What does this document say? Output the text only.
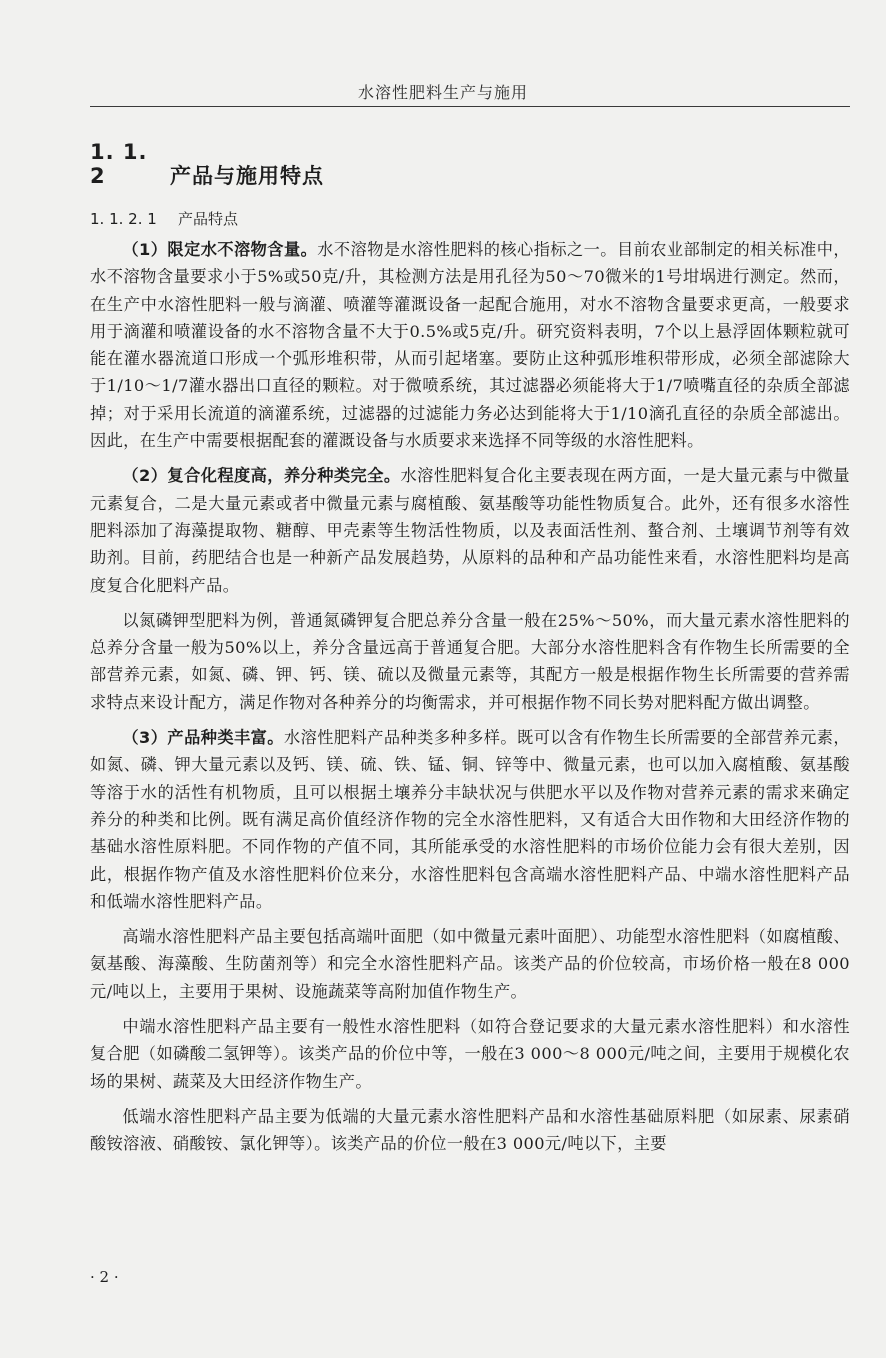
水溶性肥料生产与施用
1. 1. 2	产品与施用特点
1. 1. 2. 1 产品特点

（1）限定水不溶物含量。水不溶物是水溶性肥料的核心指标之一。目前农业部制定的相关标准中，水不溶物含量要求小于5%或50克/升，其检测方法是用孔径为50～70微米的1号坩埚进行测定。然而，在生产中水溶性肥料一般与滴灌、喷灌等灌溉设备一起配合施用，对水不溶物含量要求更高，一般要求用于滴灌和喷灌设备的水不溶物含量不大于0.5%或5克/升。研究资料表明，7个以上悬浮固体颗粒就可能在灌水器流道口形成一个弧形堆积带，从而引起堵塞。要防止这种弧形堆积带形成，必须全部滤除大于1/10～1/7灌水器出口直径的颗粒。对于微喷系统，其过滤器必须能将大于1/7喷嘴直径的杂质全部滤掉；对于采用长流道的滴灌系统，过滤器的过滤能力务必达到能将大于1/10滴孔直径的杂质全部滤出。因此，在生产中需要根据配套的灌溉设备与水质要求来选择不同等级的水溶性肥料。

（2）复合化程度高，养分种类完全。水溶性肥料复合化主要表现在两方面，一是大量元素与中微量元素复合，二是大量元素或者中微量元素与腐植酸、氨基酸等功能性物质复合。此外，还有很多水溶性肥料添加了海藻提取物、糖醇、甲壳素等生物活性物质，以及表面活性剂、螯合剂、土壤调节剂等有效助剂。目前，药肥结合也是一种新产品发展趋势，从原料的品种和产品功能性来看，水溶性肥料均是高度复合化肥料产品。

以氮磷钾型肥料为例，普通氮磷钾复合肥总养分含量一般在25%～50%，而大量元素水溶性肥料的总养分含量一般为50%以上，养分含量远高于普通复合肥。大部分水溶性肥料含有作物生长所需要的全部营养元素，如氮、磷、钾、钙、镁、硫以及微量元素等，其配方一般是根据作物生长所需要的营养需求特点来设计配方，满足作物对各种养分的均衡需求，并可根据作物不同长势对肥料配方做出调整。

（3）产品种类丰富。水溶性肥料产品种类多种多样。既可以含有作物生长所需要的全部营养元素，如氮、磷、钾大量元素以及钙、镁、硫、铁、锰、铜、锌等中、微量元素，也可以加入腐植酸、氨基酸等溶于水的活性有机物质，且可以根据土壤养分丰缺状况与供肥水平以及作物对营养元素的需求来确定养分的种类和比例。既有满足高价值经济作物的完全水溶性肥料，又有适合大田作物和大田经济作物的基础水溶性原料肥。不同作物的产值不同，其所能承受的水溶性肥料的市场价位能力会有很大差别，因此，根据作物产值及水溶性肥料价位来分，水溶性肥料包含高端水溶性肥料产品、中端水溶性肥料产品和低端水溶性肥料产品。

高端水溶性肥料产品主要包括高端叶面肥（如中微量元素叶面肥）、功能型水溶性肥料（如腐植酸、氨基酸、海藻酸、生防菌剂等）和完全水溶性肥料产品。该类产品的价位较高，市场价格一般在8 000元/吨以上，主要用于果树、设施蔬菜等高附加值作物生产。

中端水溶性肥料产品主要有一般性水溶性肥料（如符合登记要求的大量元素水溶性肥料）和水溶性复合肥（如磷酸二氢钾等）。该类产品的价位中等，一般在3 000～8 000元/吨之间，主要用于规模化农场的果树、蔬菜及大田经济作物生产。

低端水溶性肥料产品主要为低端的大量元素水溶性肥料产品和水溶性基础原料肥（如尿素、尿素硝酸铵溶液、硝酸铵、氯化钾等）。该类产品的价位一般在3 000元/吨以下，主要

· 2 ·
